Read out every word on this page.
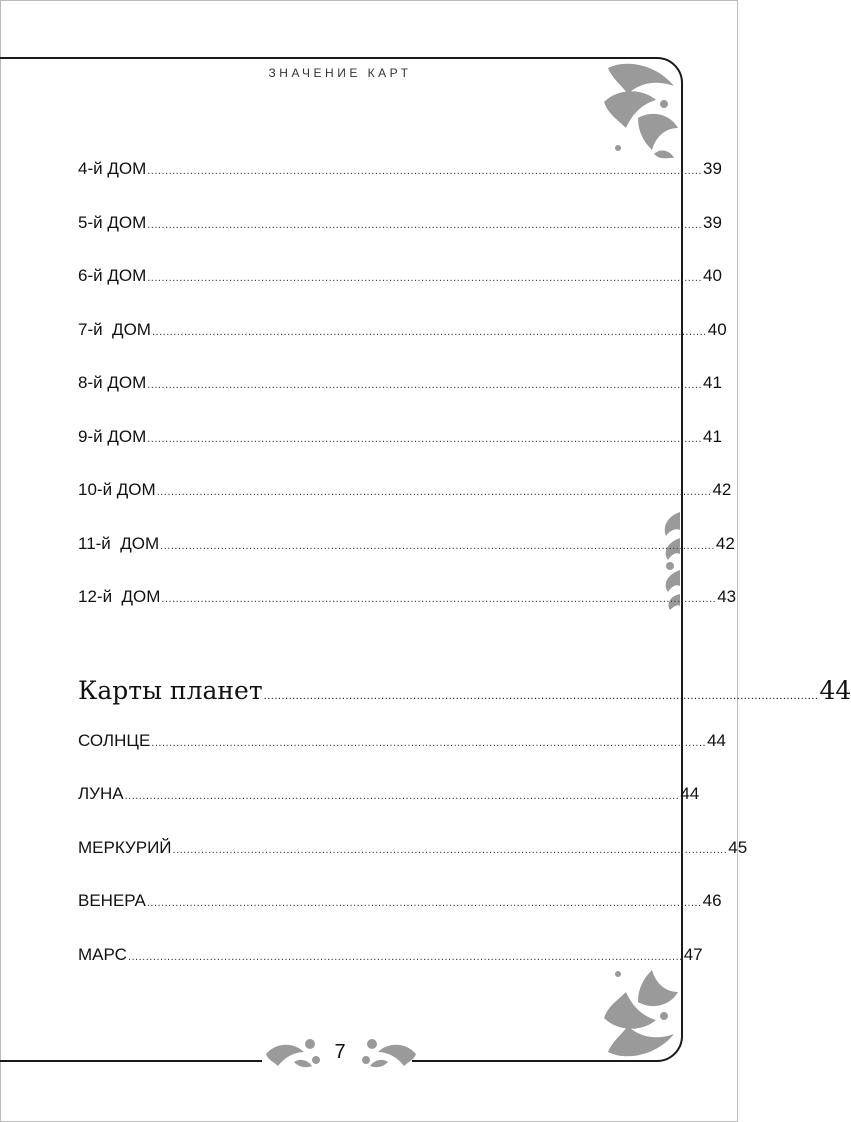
ЗНАЧЕНИЕ КАРТ
4-й ДОМ ............................................................................................................................................................ 39
5-й ДОМ ............................................................................................................................................................ 39
6-й ДОМ ............................................................................................................................................................ 40
7-й  ДОМ ............................................................................................................................................................ 40
8-й ДОМ ............................................................................................................................................................ 41
9-й ДОМ ............................................................................................................................................................ 41
10-й ДОМ ............................................................................................................................................................ 42
11-й  ДОМ ............................................................................................................................................................ 42
12-й  ДОМ ............................................................................................................................................................ 43
Карты планет ............................................................................................................................................................ 44
СОЛНЦЕ ............................................................................................................................................................ 44
ЛУНА ............................................................................................................................................................ 44
МЕРКУРИЙ ............................................................................................................................................................ 45
ВЕНЕРА ............................................................................................................................................................ 46
МАРС ............................................................................................................................................................ 47
7
